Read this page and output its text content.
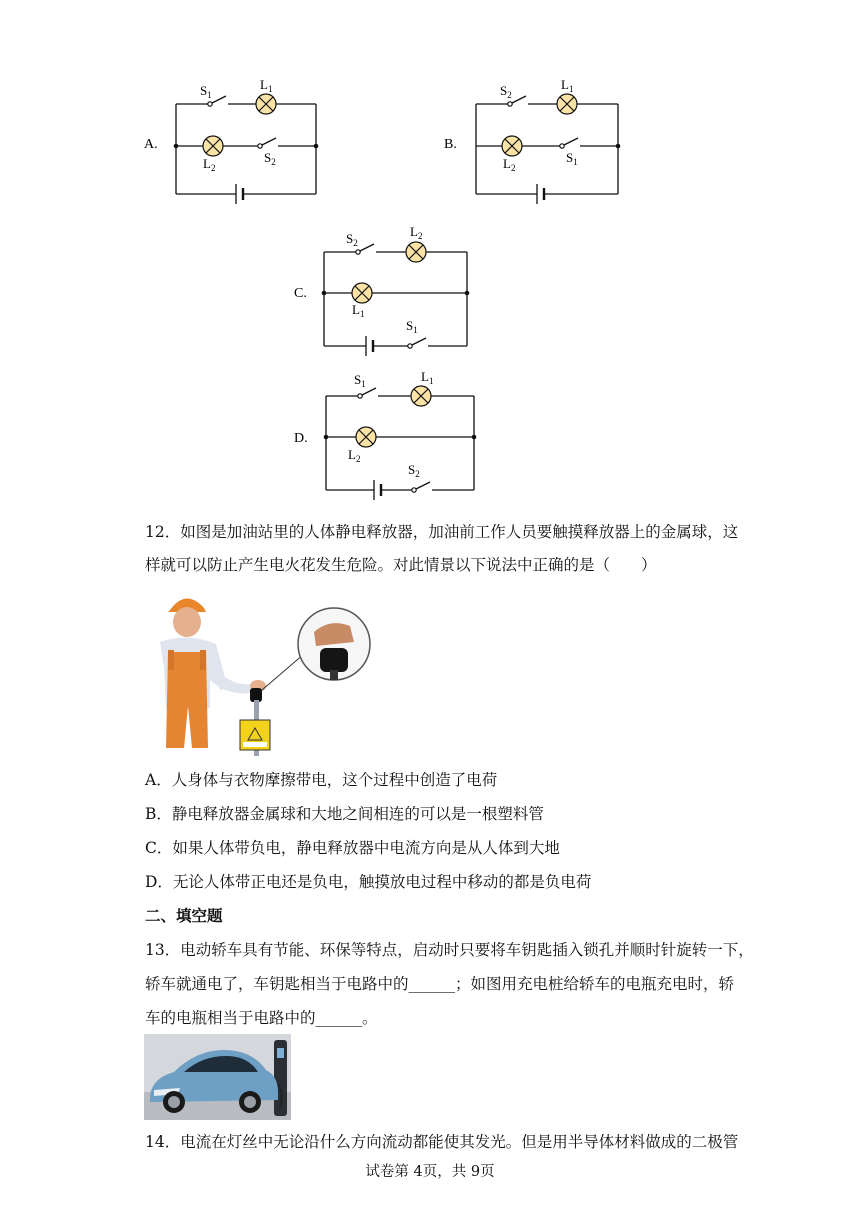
A.
$S_1$
$L_1$
$L_2$
$S_2$
B.
$S_2$
$L_1$
$L_2$
$S_1$
C.
$S_2$
$L_2$
$L_1$
$S_1$
D.
$S_1$	$L_1$
$L_2$
$S_2$
12．如图是加油站里的人体静电释放器，加油前工作人员要触摸释放器上的金属球，这
样就可以防止产生电火花发生危险。对此情景以下说法中正确的是（　　）
A．人身体与衣物摩擦带电，这个过程中创造了电荷
B．静电释放器金属球和大地之间相连的可以是一根塑料管
C．如果人体带负电，静电释放器中电流方向是从人体到大地
D．无论人体带正电还是负电，触摸放电过程中移动的都是负电荷
二、填空题
13．电动轿车具有节能、环保等特点，启动时只要将车钥匙插入锁孔并顺时针旋转一下，
轿车就通电了，车钥匙相当于电路中的______；如图用充电桩给轿车的电瓶充电时，轿
车的电瓶相当于电路中的______。
14．电流在灯丝中无论沿什么方向流动都能使其发光。但是用半导体材料做成的二极管
试卷第 4页，共 9页
